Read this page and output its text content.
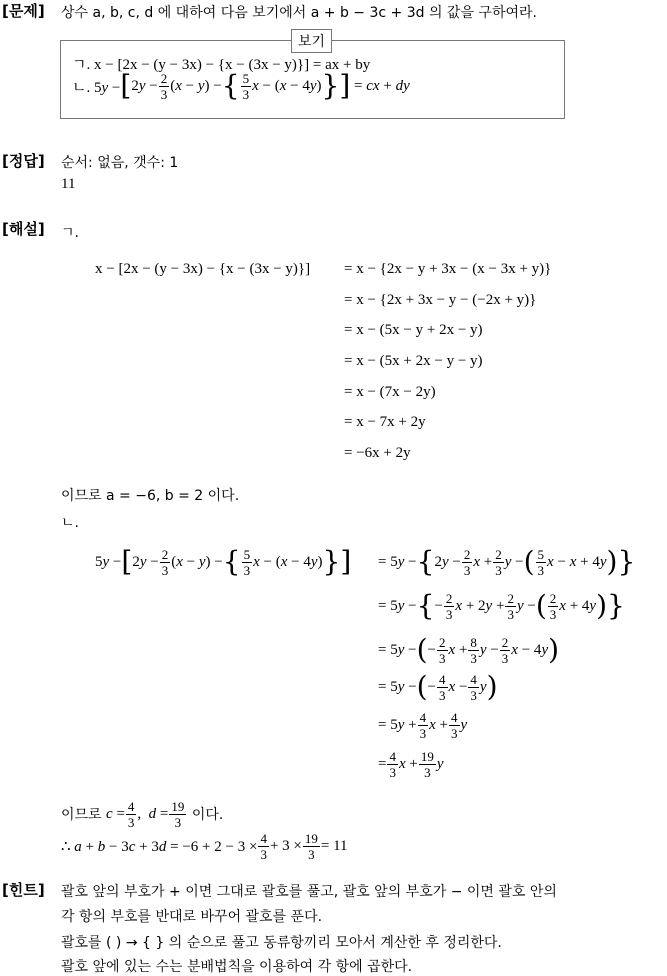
[문제] 상수 a, b, c, d 에 대하여 다음 보기에서 a + b − 3c + 3d 의 값을 구하여라.
보기
ㄱ. x − [2x − (y − 3x) − {x − (3x − y)}] = ax + by
ㄴ. 5y − [ $2y - \frac{2}{3} (x - y)$ − { $\frac{5}{3}$ x − (x − 4y) } ] = cx + dy
[정답] 순서: 없음, 갯수: 1
11
[해설] ㄱ.
x − [2x − (y − 3x) − {x − (3x − y)}] = x − {2x − y + 3x − (x − 3x + y)}
= x − {2x + 3x − y − (−2x + y)}
= x − (5x − y + 2x − y)
= x − (5x + 2x − y − y)
= x − (7x − 2y)
= x − 7x + 2y
= −6x + 2y
이므로 a = −6, b = 2 이다.
ㄴ.
5y − [ $2y - \frac{2}{3} (x - y)$ − { $\frac{5}{3}$ x − (x − 4y) } ] = 5y − { $2y - \frac{2}{3}$ $x + \frac{2}{3}$ y − ( $\frac{5}{3}$ x − x + 4y ) }
= 5y − { − $\frac{2}{3}$ $x + 2y + \frac{2}{3}$ y − ( $\frac{2}{3}$ x + 4y ) }
= 5y − ( − $\frac{2}{3}$ $x + \frac{8}{3}$ $y - \frac{2}{3}$ x − 4y )
= 5y − ( − $\frac{4}{3}$ $x - \frac{4}{3}$ y )
= $5y + \frac{4}{3}$ $x + \frac{4}{3}$ y
= $\frac{4}{3}$ $x + \frac{19}{3}$ y
이므로 $c = \frac{4}{3}$ ,  $d = \frac{19}{3}$ 이다.
∴ $a + b - 3c + 3d = -6 + 2 - 3 \times \frac{4}{3} + 3 \times \frac{19}{3} = 11$
[힌트] 괄호 앞의 부호가 + 이면 그대로 괄호를 풀고, 괄호 앞의 부호가 − 이면 괄호 안의
각 항의 부호를 반대로 바꾸어 괄호를 푼다.
괄호를 ( ) → { } 의 순으로 풀고 동류항끼리 모아서 계산한 후 정리한다.
괄호 앞에 있는 수는 분배법칙을 이용하여 각 항에 곱한다.
